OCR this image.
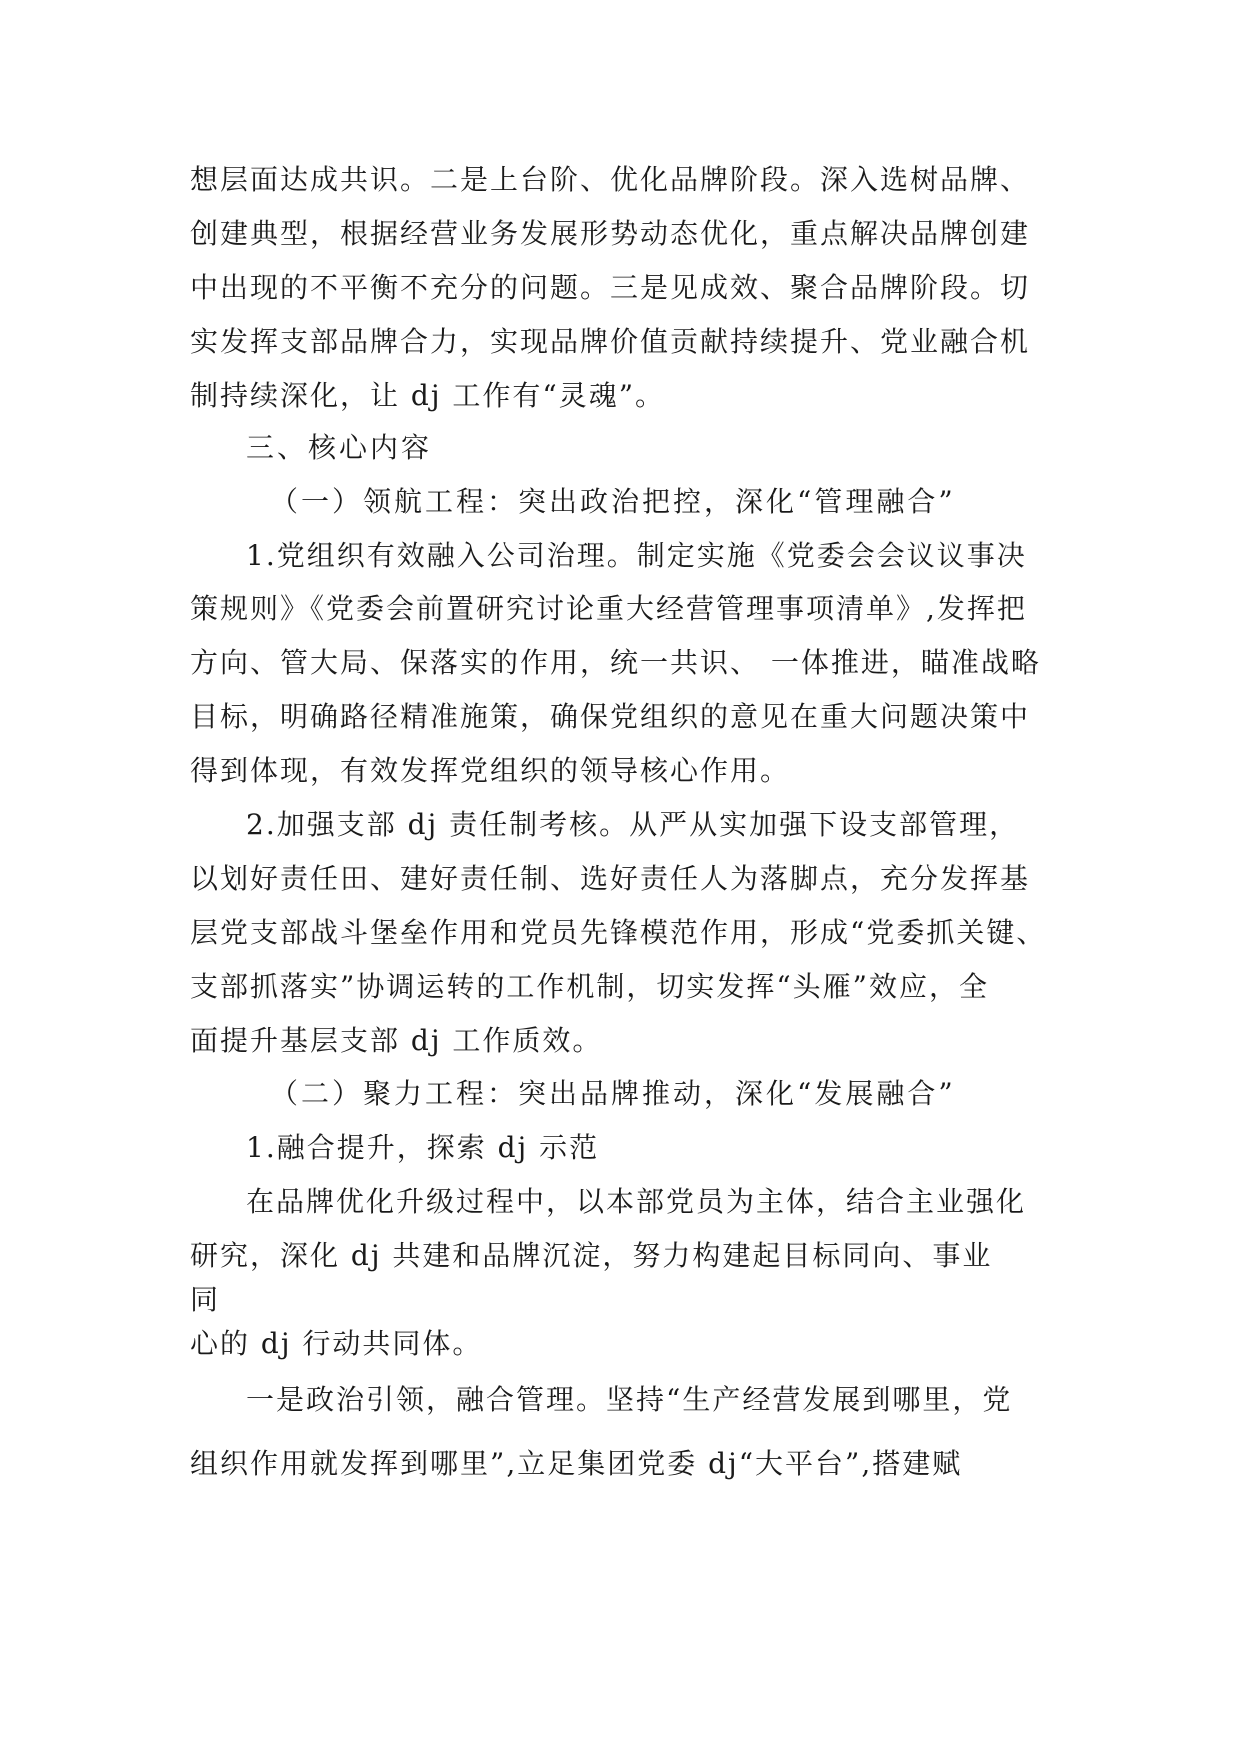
想层面达成共识。二是上台阶、优化品牌阶段。深入选树品牌、

创建典型，根据经营业务发展形势动态优化，重点解决品牌创建

中出现的不平衡不充分的问题。三是见成效、聚合品牌阶段。切

实发挥支部品牌合力，实现品牌价值贡献持续提升、党业融合机

制持续深化，让 dj 工作有“灵魂”。

三、核心内容

（一）领航工程：突出政治把控，深化“管理融合”

1.党组织有效融入公司治理。制定实施《党委会会议议事决

策规则》《党委会前置研究讨论重大经营管理事项清单》,发挥把

方向、管大局、保落实的作用，统一共识、 一体推进，瞄准战略

目标，明确路径精准施策，确保党组织的意见在重大问题决策中

得到体现，有效发挥党组织的领导核心作用。

2.加强支部 dj 责任制考核。从严从实加强下设支部管理，

以划好责任田、建好责任制、选好责任人为落脚点，充分发挥基

层党支部战斗堡垒作用和党员先锋模范作用，形成“党委抓关键、

支部抓落实”协调运转的工作机制，切实发挥“头雁”效应，全

面提升基层支部 dj 工作质效。

（二）聚力工程：突出品牌推动，深化“发展融合”

1.融合提升，探索 dj 示范

在品牌优化升级过程中，以本部党员为主体，结合主业强化

研究，深化 dj 共建和品牌沉淀，努力构建起目标同向、事业

同

心的 dj 行动共同体。

一是政治引领，融合管理。坚持“生产经营发展到哪里，党

组织作用就发挥到哪里”,立足集团党委 dj“大平台”,搭建赋
